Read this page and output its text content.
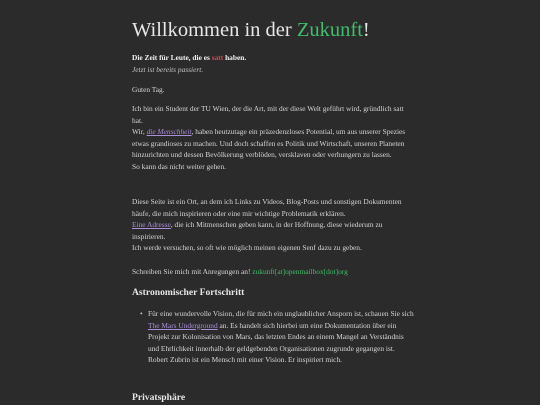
Willkommen in der Zukunft!

Die Zeit für Leute, die es satt haben.

Jetzt ist bereits passiert.

Guten Tag.

Ich bin ein Student der TU Wien, der die Art, mit der diese Welt geführt wird, gründlich satt hat.

Wir, die Menschheit, haben heutzutage ein präzedenzloses Potential, um aus unserer Spezies etwas grandioses zu machen. Und doch schaffen es Politik und Wirtschaft, unseren Planeten hinzurichten und dessen Bevölkerung verblöden, versklaven oder verhungern zu lassen.

So kann das nicht weiter gehen.

Diese Seite ist ein Ort, an dem ich Links zu Videos, Blog-Posts und sonstigen Dokumenten häufe, die mich inspirieren oder eine mir wichtige Problematik erklären.

Eine Adresse, die ich Mitmenschen geben kann, in der Hoffnung, diese wiederum zu inspirieren.

Ich werde versuchen, so oft wie möglich meinen eigenen Senf dazu zu geben.

Schreiben Sie mich mit Anregungen an! zukunft[at]openmailbox[dot]org

Astronomischer Fortschritt
• Für eine wundervolle Vision, die für mich ein unglaublicher Ansporn ist, schauen Sie sich The Mars Underground an. Es handelt sich hierbei um eine Dokumentation über ein Projekt zur Kolonisation von Mars, das letzten Endes an einem Mangel an Verständnis und Ehrlichkeit innerhalb der geldgebenden Organisationen zugrunde gegangen ist.
Robert Zubrin ist ein Mensch mit einer Vision. Er inspiriert mich.
Privatsphäre
